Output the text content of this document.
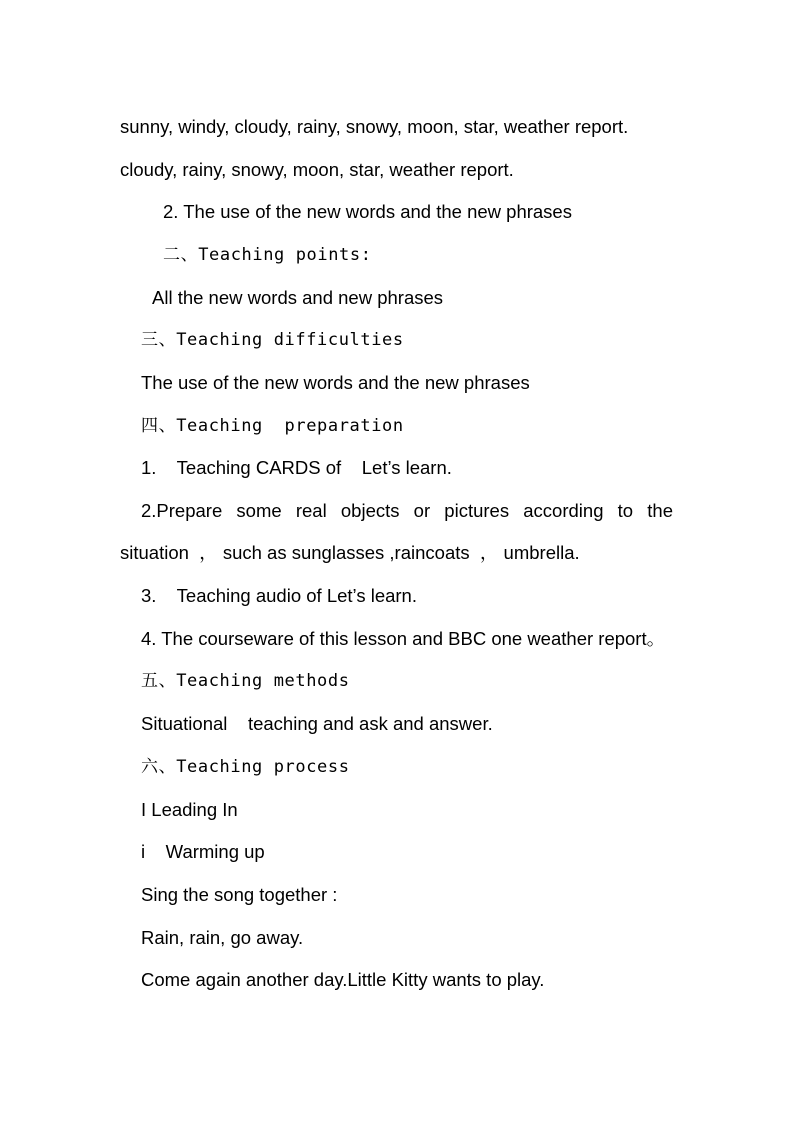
sunny, windy, cloudy, rainy, snowy, moon, star, weather report.
cloudy, rainy, snowy, moon, star, weather report.
2. The use of the new words and the new phrases
二、Teaching points:
All the new words and new phrases
三、Teaching difficulties
The use of the new words and the new phrases
四、Teaching  preparation
1.    Teaching CARDS of    Let’s learn.
2.Prepare some real objects or pictures according to the
situation  ， such as sunglasses ,raincoats  ， umbrella.
3.    Teaching audio of Let’s learn.
4. The courseware of this lesson and BBC one weather report。
五、Teaching methods
Situational    teaching and ask and answer.
六、Teaching process
I Leading In
i    Warming up
Sing the song together :
Rain, rain, go away.
Come again another day.Little Kitty wants to play.
